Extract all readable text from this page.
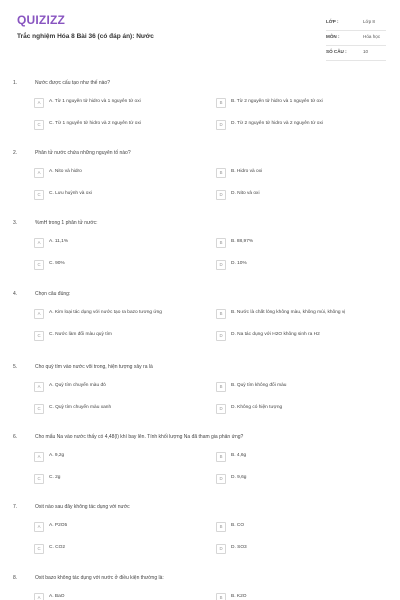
QUIZIZZ
Trắc nghiệm Hóa 8 Bài 36 (có đáp án): Nước
LỚP :	Lớp 8
MÔN :	Hóa học
SỐ CÂU :	10
1.	Nước được cấu tạo như thế nào?
A	A. Từ 1 nguyên tử hidro và 1 nguyên tử oxi	B	B. Từ 2 nguyên tử hidro và 1 nguyên tử oxi
C	C. Từ 1 nguyên tử hidro và 2 nguyên tử oxi	D	D. Từ 2 nguyên tử hidro và 2 nguyên tử oxi
2.	Phân tử nước chứa những nguyên tố nào?
A	A. Nito và hidro	B	B. Hidro và oxi
C	C. Lưu huỳnh và oxi	D	D. Nito và oxi
3.	%mH trong 1 phân tử nước:
A	A. 11,1%	B	B. 88,97%
C	C. 90%	D	D. 10%
4.	Chọn câu đúng:
A	A. Kim loại tác dụng với nước tạo ra bazo tương ứng	B	B. Nước là chất lỏng không màu, không mùi, không vị
C	C. Nước làm đổi màu quỳ tím	D	D. Na tác dụng với H2O không sinh ra H2
5.	Cho quỳ tím vào nước vôi trong, hiện tượng xảy ra là
A	A. Quỳ tím chuyển màu đỏ	B	B. Quỳ tím không đổi màu
C	C. Quỳ tím chuyển màu xanh	D	D. Không có hiện tượng
6.	Cho mẩu Na vào nước thấy có 4,48(l) khí bay lên. Tính khối lượng Na đã tham gia phản ứng?
A	A. 9,2g	B	B. 4,6g
C	C. 2g	D	D. 9,6g
7.	Oxit nào sau đây không tác dụng với nước
A	A. P2O5	B	B. CO
C	C. CO2	D	D. SO3
8.	Oxit bazo không tác dụng với nước ở điều kiện thường là:
A	A. BaO	B	B. K2O
